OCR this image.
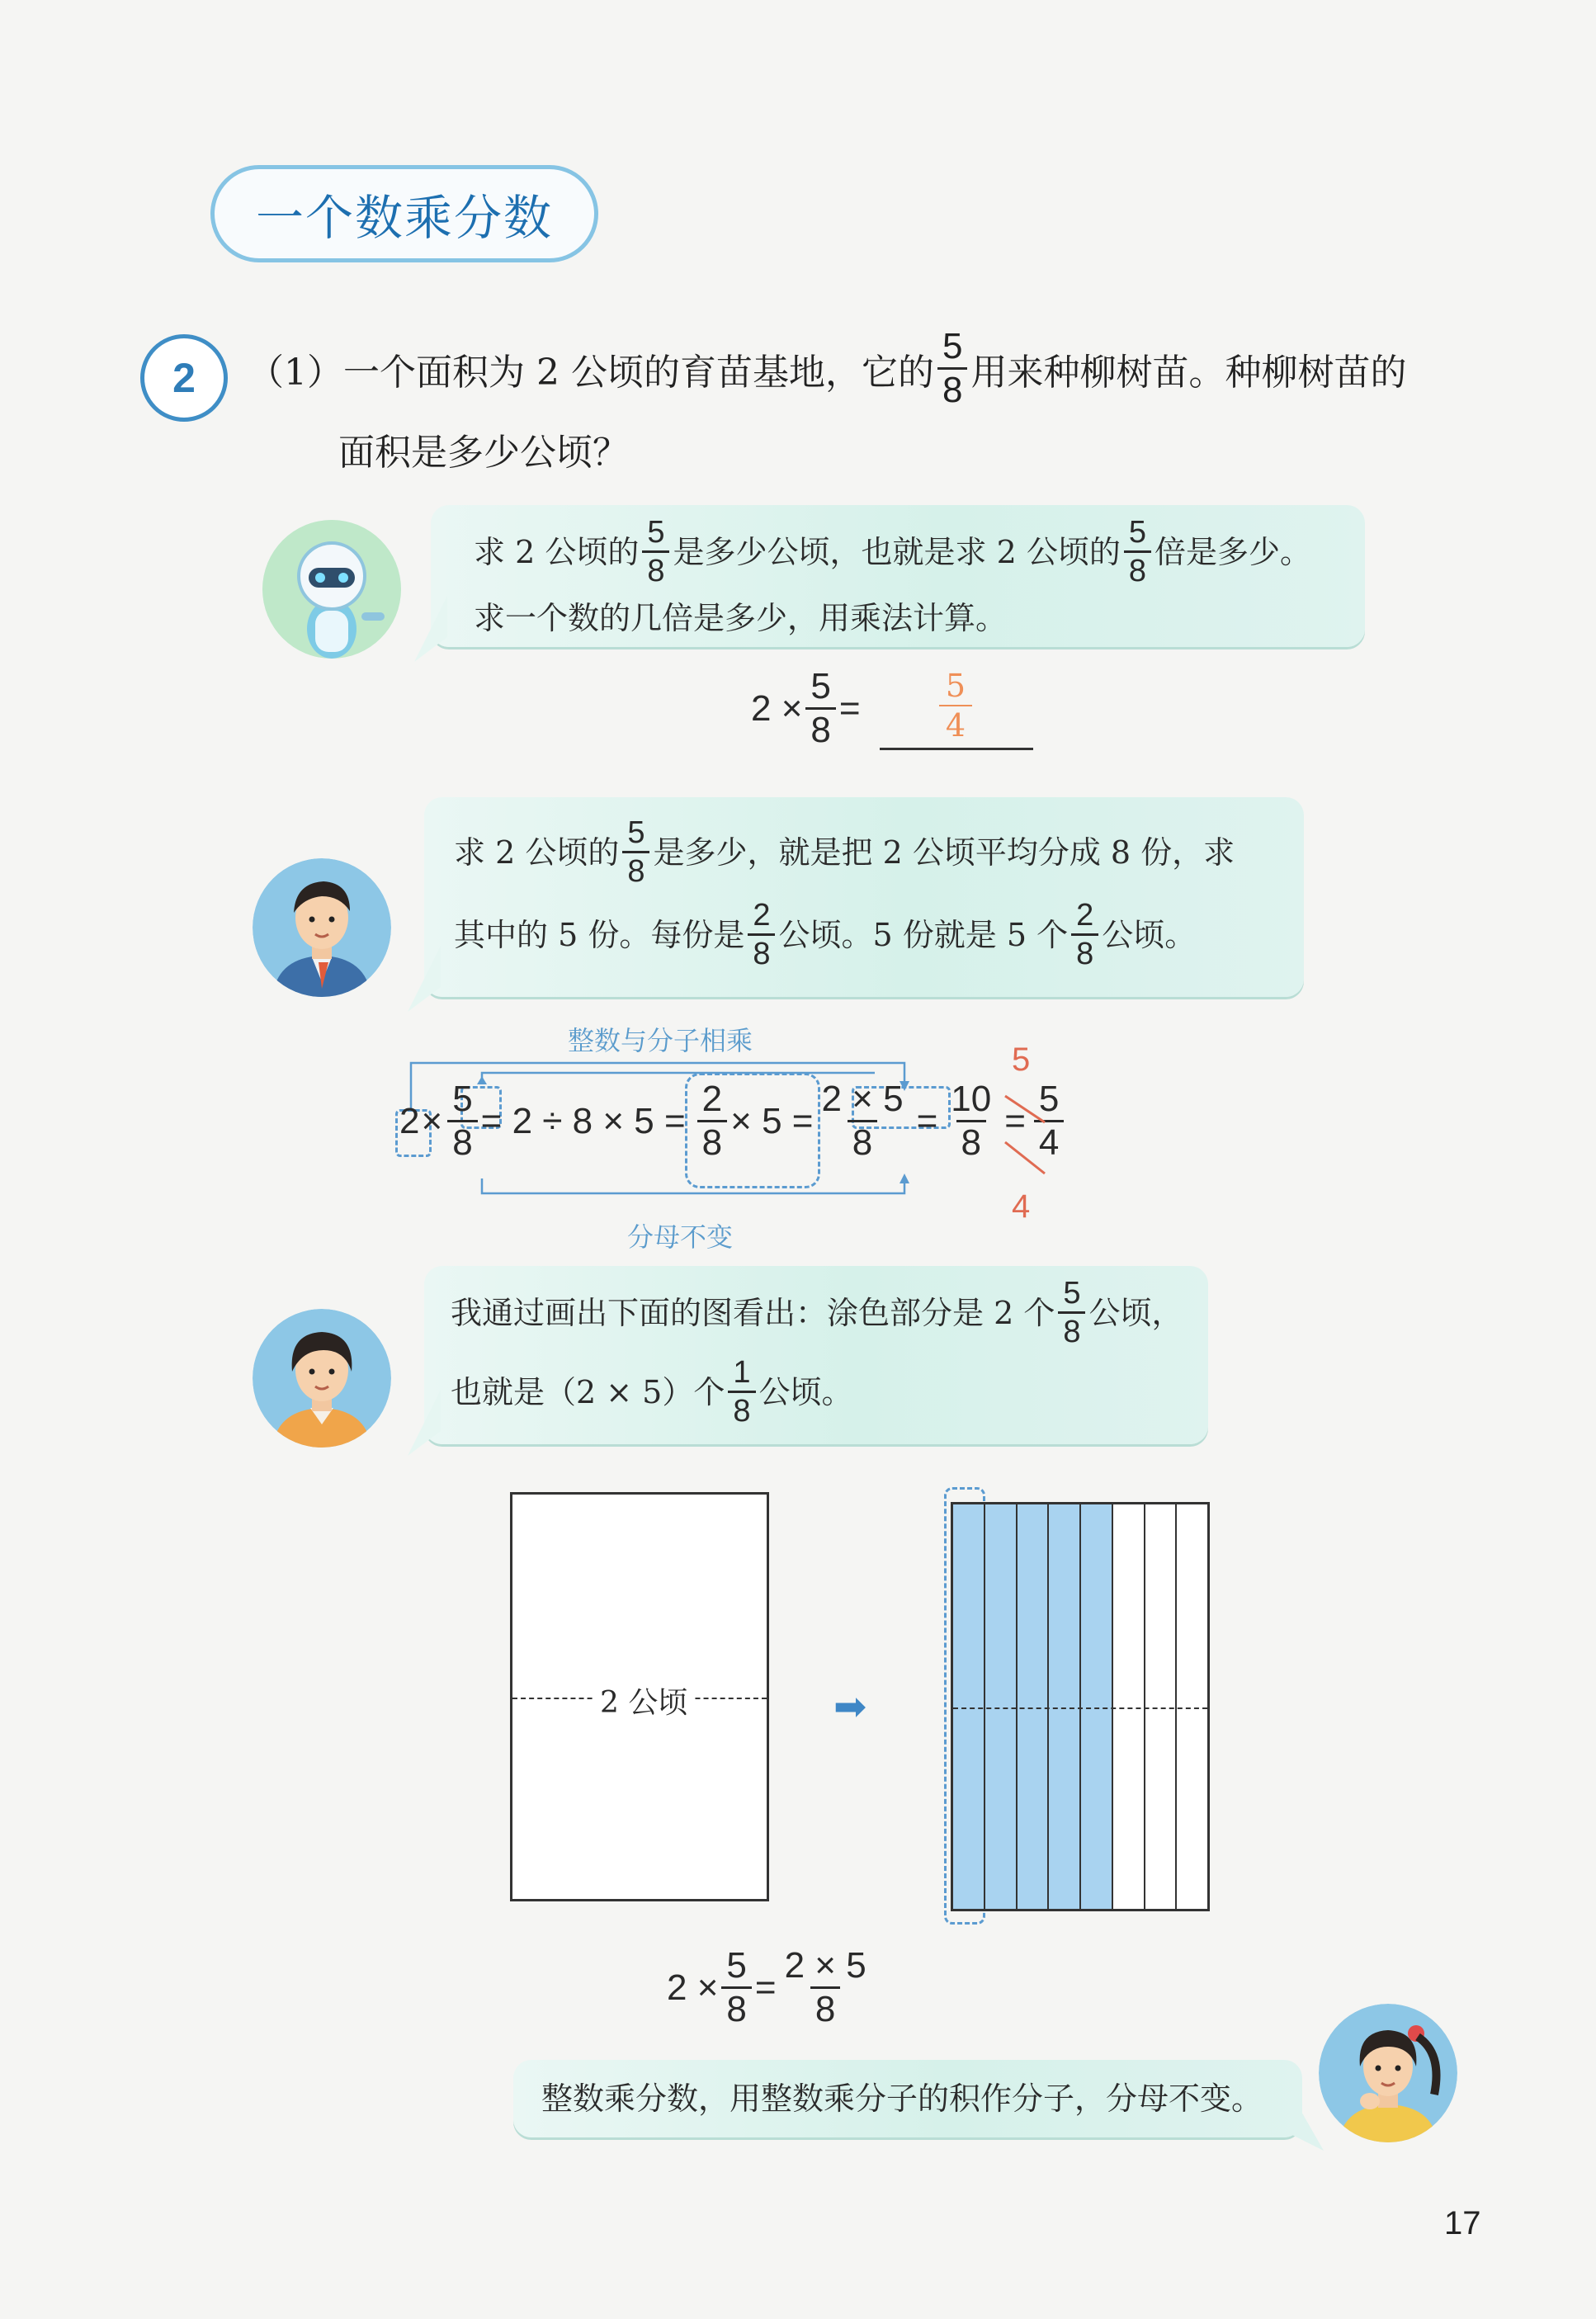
一个数乘分数
2	（1） 一个面积为 2 公顷的育苗基地，它的 $\frac{5}{8}$ 用来种柳树苗。种柳树苗的
面积是多少公顷？
求 2 公顷的 $\frac{5}{8}$ 是多少公顷，也就是求 2 公顷的 $\frac{5}{8}$ 倍是多少。
求一个数的几倍是多少，用乘法计算。
$2 \times \frac{5}{8}$ =
5
4
求 2 公顷的 $\frac{5}{8}$ 是多少，就是把 2 公顷平均分成 8 份，求
其中的 5 份。每份是 $\frac{2}{8}$ 公顷。5 份就是 5 个 $\frac{2}{8}$ 公顷。
整数与分子相乘
分母不变
$2 \times \frac{5}{8} = 2 \div 8 \times 5 = \frac{2}{8} \times 5 = \frac{2 \times 5}{8} = \frac{10}{8} = \frac{5}{4}$
5
4
我通过画出下面的图看出：涂色部分是 2 个 $\frac{5}{8}$ 公顷，
也就是（2 × 5）个 $\frac{1}{8}$ 公顷。
2 公顷	➡
$2 \times \frac{5}{8} = \frac{2 \times 5}{8}$
整数乘分数，用整数乘分子的积作分子，分母不变。
17
